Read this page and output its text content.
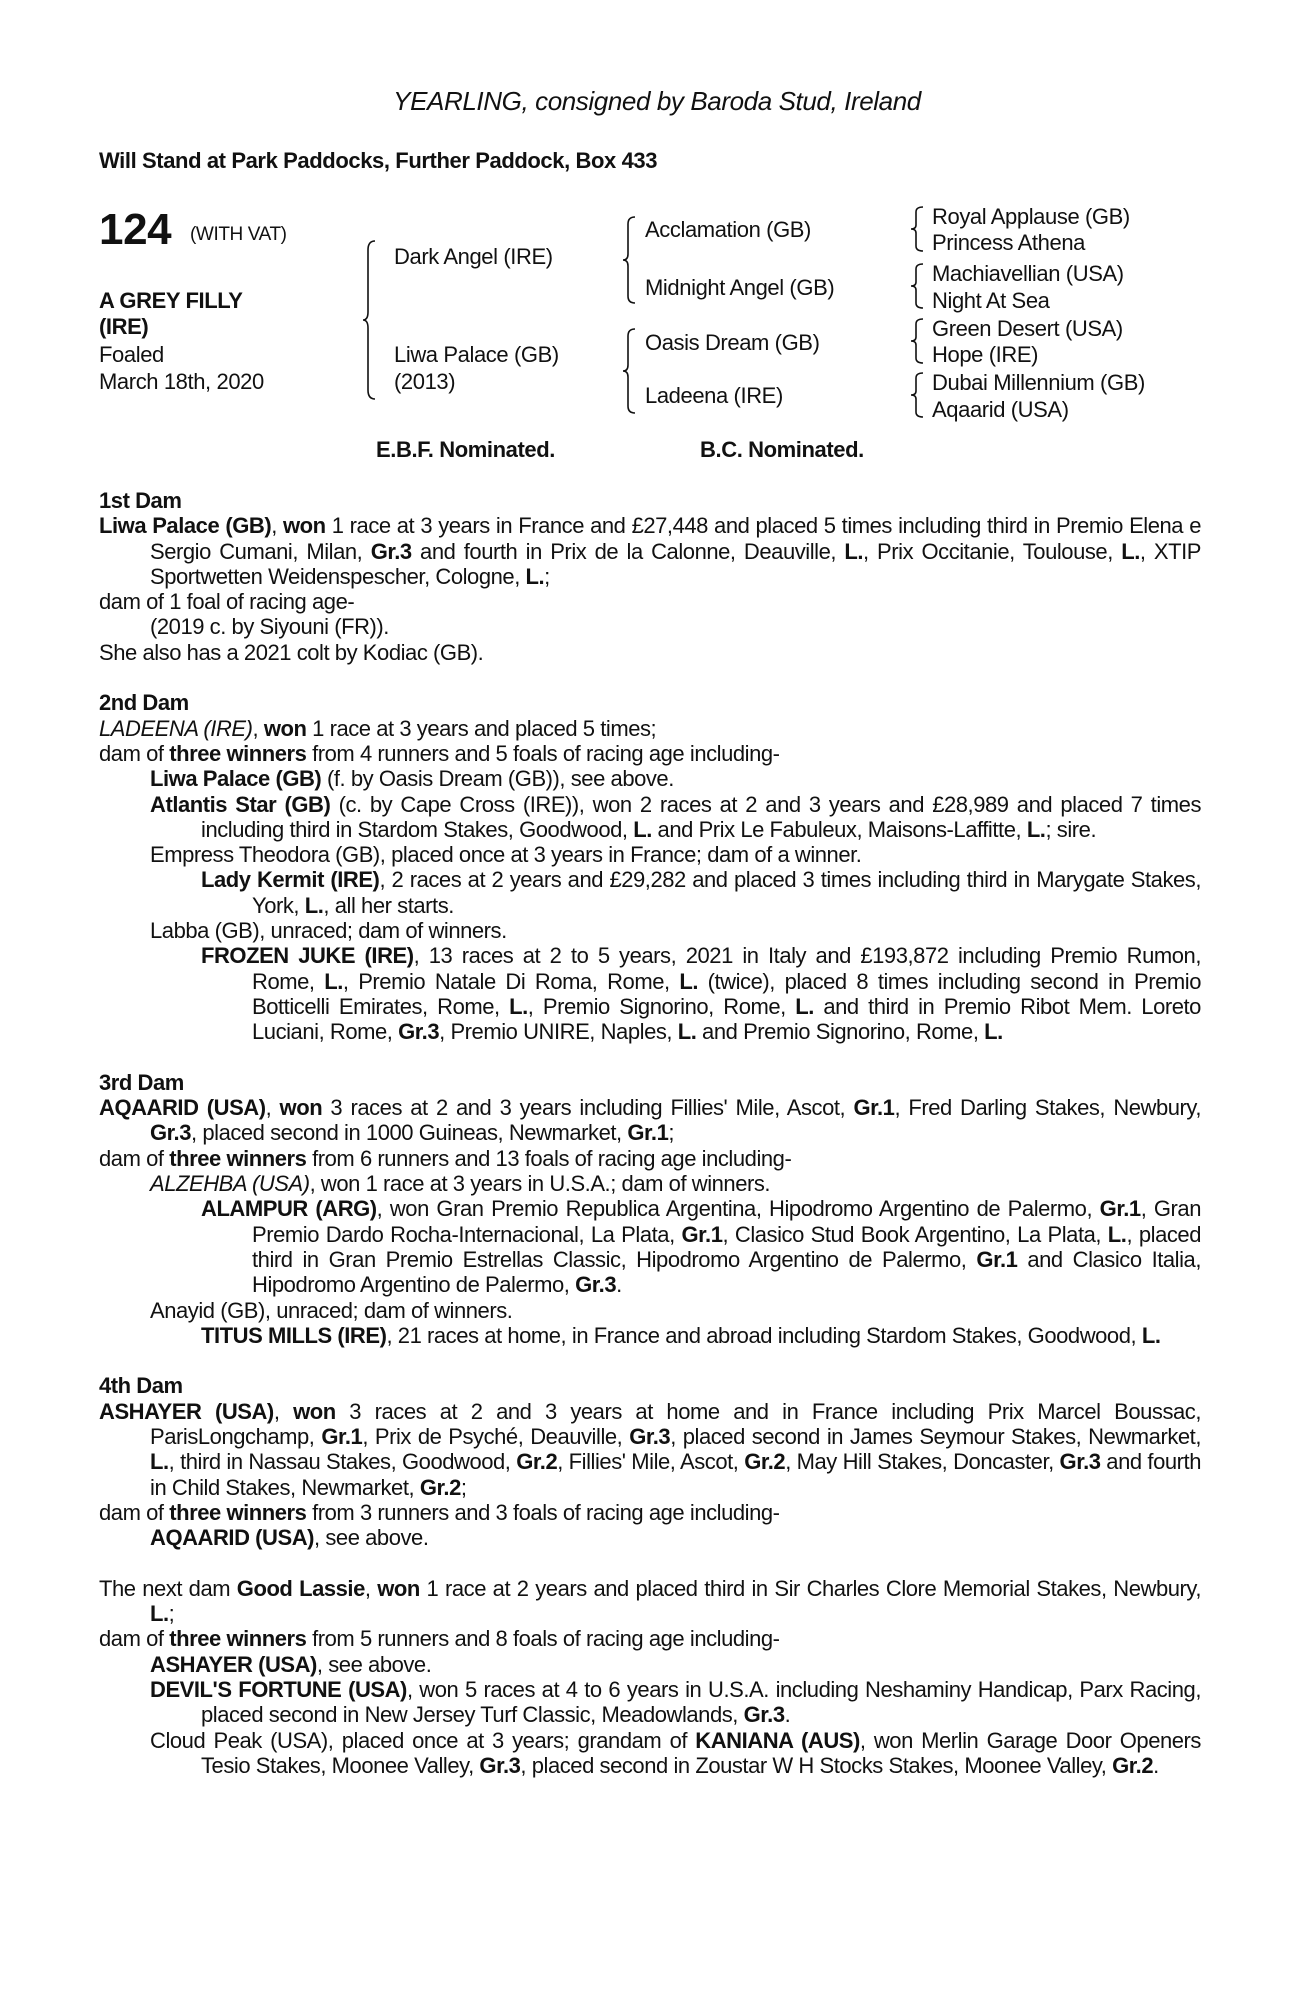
YEARLING, consigned by Baroda Stud, Ireland
Will Stand at Park Paddocks, Further Paddock, Box 433
124 (WITH VAT)
A GREY FILLY
(IRE)
Foaled
March 18th, 2020
Dark Angel (IRE)
Liwa Palace (GB)
(2013)
Acclamation (GB)
Midnight Angel (GB)
Oasis Dream (GB)
Ladeena (IRE)
Royal Applause (GB)
Princess Athena
Machiavellian (USA)
Night At Sea
Green Desert (USA)
Hope (IRE)
Dubai Millennium (GB)
Aqaarid (USA)
E.B.F. Nominated.	B.C. Nominated.
1st Dam
Liwa Palace (GB), won 1 race at 3 years in France and £27,448 and placed 5 times including third in Premio Elena e Sergio Cumani, Milan, Gr.3 and fourth in Prix de la Calonne, Deauville, L., Prix Occitanie, Toulouse, L., XTIP Sportwetten Weidenspescher, Cologne, L.;
dam of 1 foal of racing age-
(2019 c. by Siyouni (FR)).
She also has a 2021 colt by Kodiac (GB).
2nd Dam
LADEENA (IRE), won 1 race at 3 years and placed 5 times;
dam of three winners from 4 runners and 5 foals of racing age including-
Liwa Palace (GB) (f. by Oasis Dream (GB)), see above.
Atlantis Star (GB) (c. by Cape Cross (IRE)), won 2 races at 2 and 3 years and £28,989 and placed 7 times including third in Stardom Stakes, Goodwood, L. and Prix Le Fabuleux, Maisons-Laffitte, L.; sire.
Empress Theodora (GB), placed once at 3 years in France; dam of a winner.
Lady Kermit (IRE), 2 races at 2 years and £29,282 and placed 3 times including third in Marygate Stakes, York, L., all her starts.
Labba (GB), unraced; dam of winners.
FROZEN JUKE (IRE), 13 races at 2 to 5 years, 2021 in Italy and £193,872 including Premio Rumon, Rome, L., Premio Natale Di Roma, Rome, L. (twice), placed 8 times including second in Premio Botticelli Emirates, Rome, L., Premio Signorino, Rome, L. and third in Premio Ribot Mem. Loreto Luciani, Rome, Gr.3, Premio UNIRE, Naples, L. and Premio Signorino, Rome, L.
3rd Dam
AQAARID (USA), won 3 races at 2 and 3 years including Fillies' Mile, Ascot, Gr.1, Fred Darling Stakes, Newbury, Gr.3, placed second in 1000 Guineas, Newmarket, Gr.1;
dam of three winners from 6 runners and 13 foals of racing age including-
ALZEHBA (USA), won 1 race at 3 years in U.S.A.; dam of winners.
ALAMPUR (ARG), won Gran Premio Republica Argentina, Hipodromo Argentino de Palermo, Gr.1, Gran Premio Dardo Rocha-Internacional, La Plata, Gr.1, Clasico Stud Book Argentino, La Plata, L., placed third in Gran Premio Estrellas Classic, Hipodromo Argentino de Palermo, Gr.1 and Clasico Italia, Hipodromo Argentino de Palermo, Gr.3.
Anayid (GB), unraced; dam of winners.
TITUS MILLS (IRE), 21 races at home, in France and abroad including Stardom Stakes, Goodwood, L.
4th Dam
ASHAYER (USA), won 3 races at 2 and 3 years at home and in France including Prix Marcel Boussac, ParisLongchamp, Gr.1, Prix de Psyché, Deauville, Gr.3, placed second in James Seymour Stakes, Newmarket, L., third in Nassau Stakes, Goodwood, Gr.2, Fillies' Mile, Ascot, Gr.2, May Hill Stakes, Doncaster, Gr.3 and fourth in Child Stakes, Newmarket, Gr.2;
dam of three winners from 3 runners and 3 foals of racing age including-
AQAARID (USA), see above.
The next dam Good Lassie, won 1 race at 2 years and placed third in Sir Charles Clore Memorial Stakes, Newbury, L.;
dam of three winners from 5 runners and 8 foals of racing age including-
ASHAYER (USA), see above.
DEVIL'S FORTUNE (USA), won 5 races at 4 to 6 years in U.S.A. including Neshaminy Handicap, Parx Racing, placed second in New Jersey Turf Classic, Meadowlands, Gr.3.
Cloud Peak (USA), placed once at 3 years; grandam of KANIANA (AUS), won Merlin Garage Door Openers Tesio Stakes, Moonee Valley, Gr.3, placed second in Zoustar W H Stocks Stakes, Moonee Valley, Gr.2.
